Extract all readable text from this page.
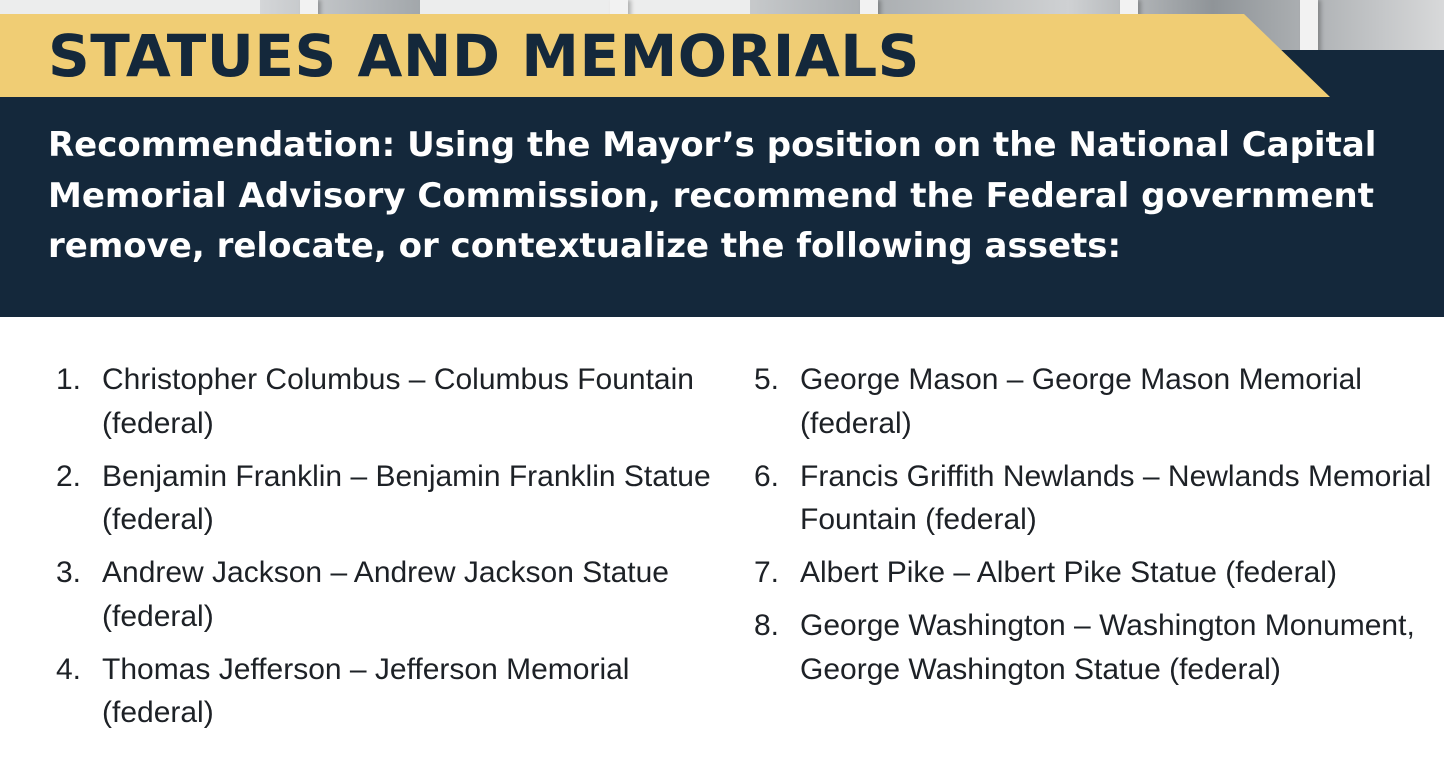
STATUES AND MEMORIALS

Recommendation: Using the Mayor’s position on the National Capital Memorial Advisory Commission, recommend the Federal government remove, relocate, or contextualize the following assets:

1. Christopher Columbus – Columbus Fountain (federal)
2. Benjamin Franklin – Benjamin Franklin Statue (federal)
3. Andrew Jackson – Andrew Jackson Statue (federal)
4. Thomas Jefferson – Jefferson Memorial (federal)
5. George Mason – George Mason Memorial (federal)
6. Francis Griffith Newlands – Newlands Memorial Fountain (federal)
7. Albert Pike – Albert Pike Statue (federal)
8. George Washington – Washington Monument, George Washington Statue (federal)
